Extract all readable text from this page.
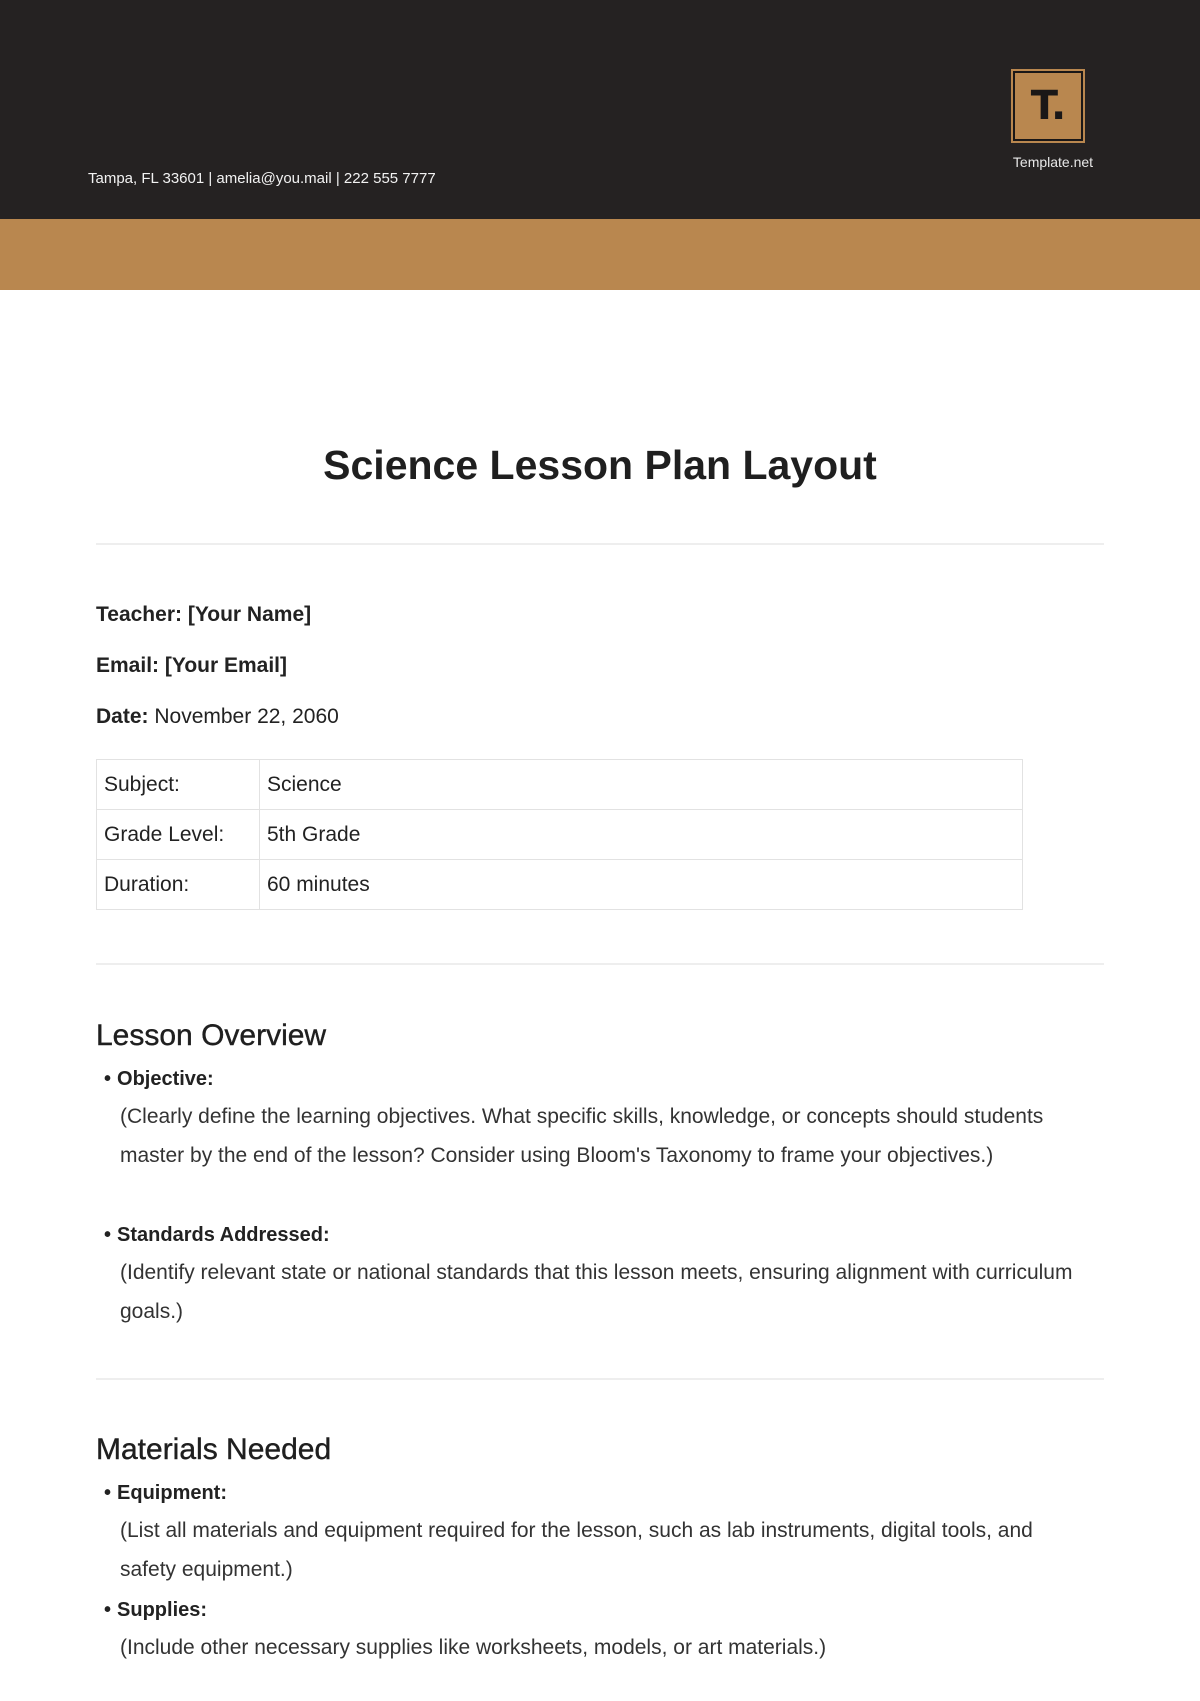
Tampa, FL 33601 | amelia@you.mail | 222 555 7777
T.
Template.net
Science Lesson Plan Layout
Teacher: [Your Name]
Email: [Your Email]
Date: November 22, 2060
Subject:	Science
Grade Level:	5th Grade
Duration:	60 minutes
Lesson Overview
• Objective:

(Clearly define the learning objectives. What specific skills, knowledge, or concepts should students master by the end of the lesson? Consider using Bloom's Taxonomy to frame your objectives.)

• Standards Addressed:

(Identify relevant state or national standards that this lesson meets, ensuring alignment with curriculum goals.)

Materials Needed
• Equipment:

(List all materials and equipment required for the lesson, such as lab instruments, digital tools, and safety equipment.)

• Supplies:

(Include other necessary supplies like worksheets, models, or art materials.)
